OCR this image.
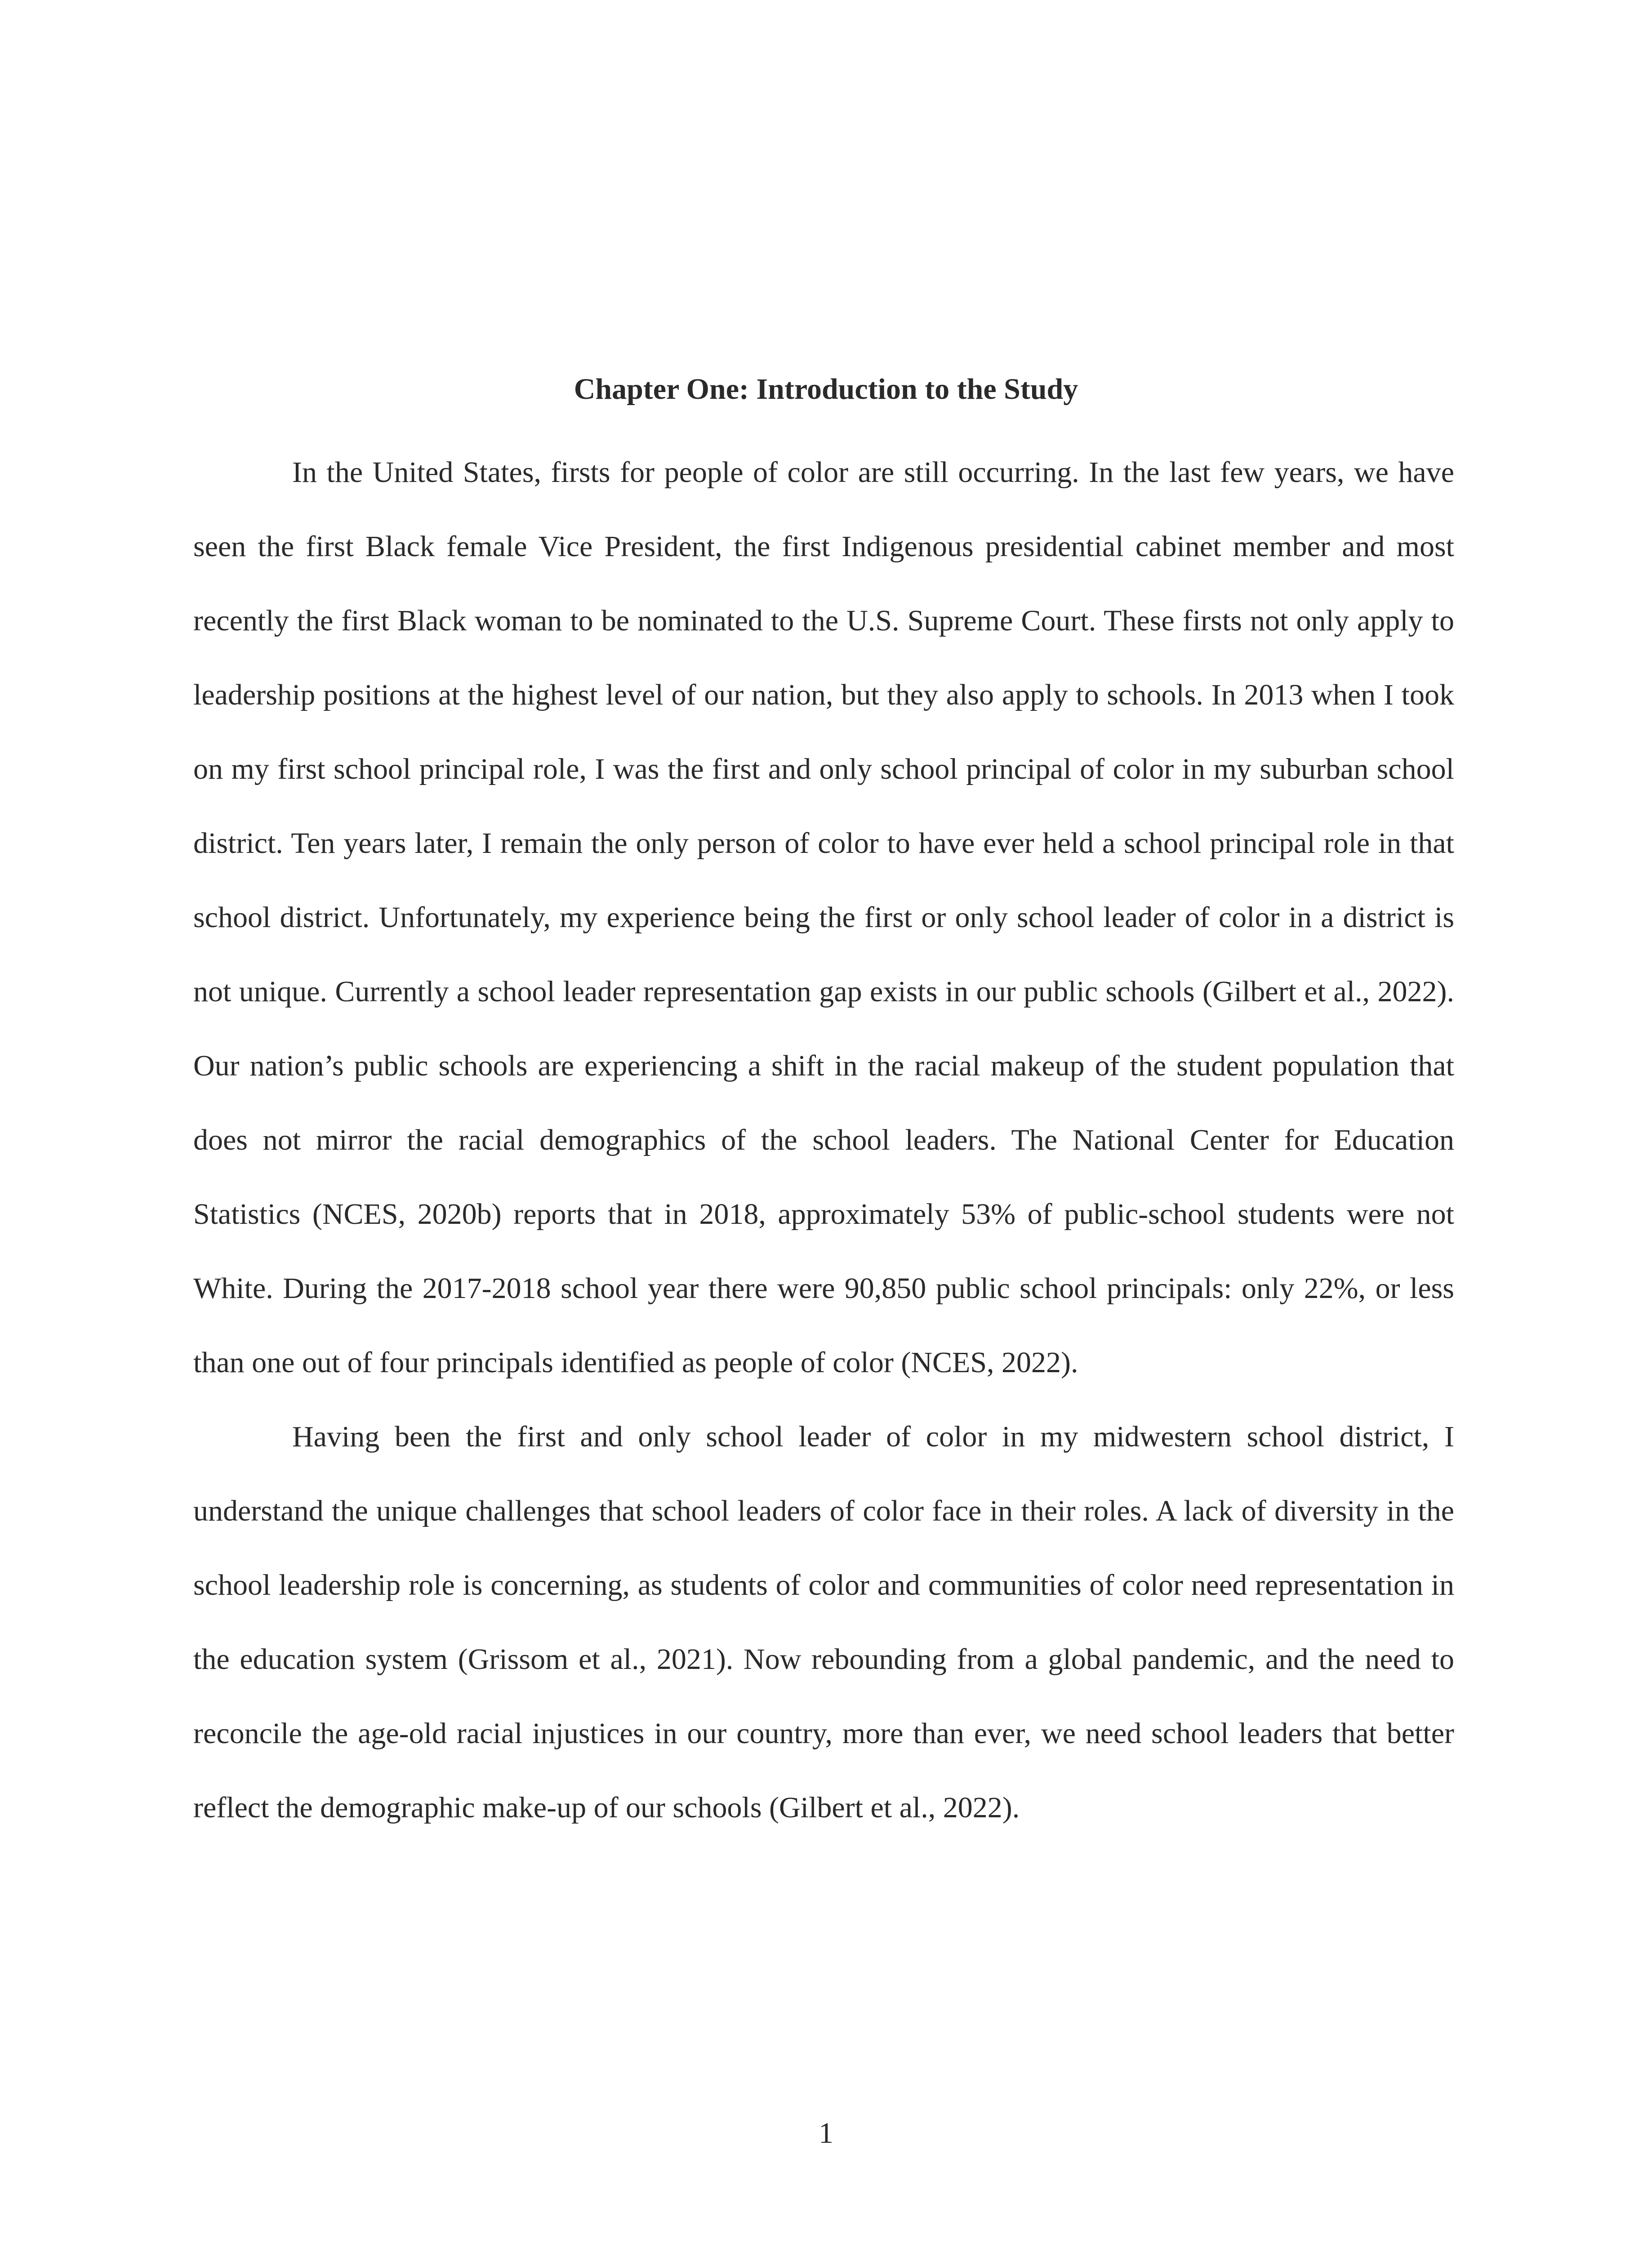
Chapter One: Introduction to the Study

In the United States, firsts for people of color are still occurring. In the last few years, we have seen the first Black female Vice President, the first Indigenous presidential cabinet member and most recently the first Black woman to be nominated to the U.S. Supreme Court. These firsts not only apply to leadership positions at the highest level of our nation, but they also apply to schools. In 2013 when I took on my first school principal role, I was the first and only school principal of color in my suburban school district. Ten years later, I remain the only person of color to have ever held a school principal role in that school district. Unfortunately, my experience being the first or only school leader of color in a district is not unique. Currently a school leader representation gap exists in our public schools (Gilbert et al., 2022). Our nation’s public schools are experiencing a shift in the racial makeup of the student population that does not mirror the racial demographics of the school leaders. The National Center for Education Statistics (NCES, 2020b) reports that in 2018, approximately 53% of public-school students were not White. During the 2017-2018 school year there were 90,850 public school principals: only 22%, or less than one out of four principals identified as people of color (NCES, 2022).

Having been the first and only school leader of color in my midwestern school district, I understand the unique challenges that school leaders of color face in their roles. A lack of diversity in the school leadership role is concerning, as students of color and communities of color need representation in the education system (Grissom et al., 2021). Now rebounding from a global pandemic, and the need to reconcile the age-old racial injustices in our country, more than ever, we need school leaders that better reflect the demographic make-up of our schools (Gilbert et al., 2022).

1
